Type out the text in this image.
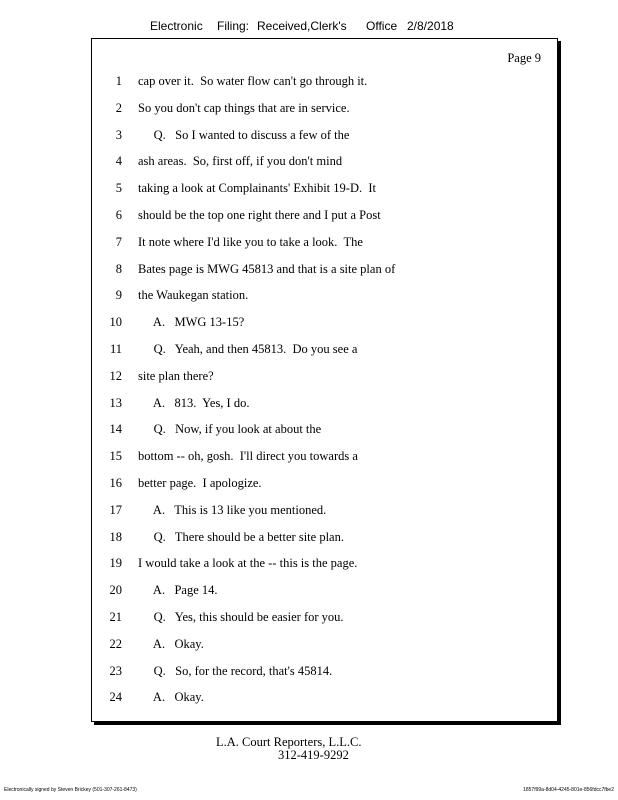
Electronic Filing: Received,Clerk's Office 2/8/2018
Page 9
1 cap over it.  So water flow can't go through it.
2 So you don't cap things that are in service.
3 Q.   So I wanted to discuss a few of the
4 ash areas.  So, first off, if you don't mind
5 taking a look at Complainants' Exhibit 19-D.  It
6 should be the top one right there and I put a Post
7 It note where I'd like you to take a look.  The
8 Bates page is MWG 45813 and that is a site plan of
9 the Waukegan station.
10 A.   MWG 13-15?
11 Q.   Yeah, and then 45813.  Do you see a
12 site plan there?
13 A.   813.  Yes, I do.
14 Q.   Now, if you look at about the
15 bottom -- oh, gosh.  I'll direct you towards a
16 better page.  I apologize.
17 A.   This is 13 like you mentioned.
18 Q.   There should be a better site plan.
19 I would take a look at the -- this is the page.
20 A.   Page 14.
21 Q.   Yes, this should be easier for you.
22 A.   Okay.
23 Q.   So, for the record, that's 45814.
24 A.   Okay.
L.A. Court Reporters, L.L.C.
312-419-9292
Electronically signed by Steven Brickey (501-307-261-8473)	1857f99a-8d04-4245-801e-856fdcc7fbe2
